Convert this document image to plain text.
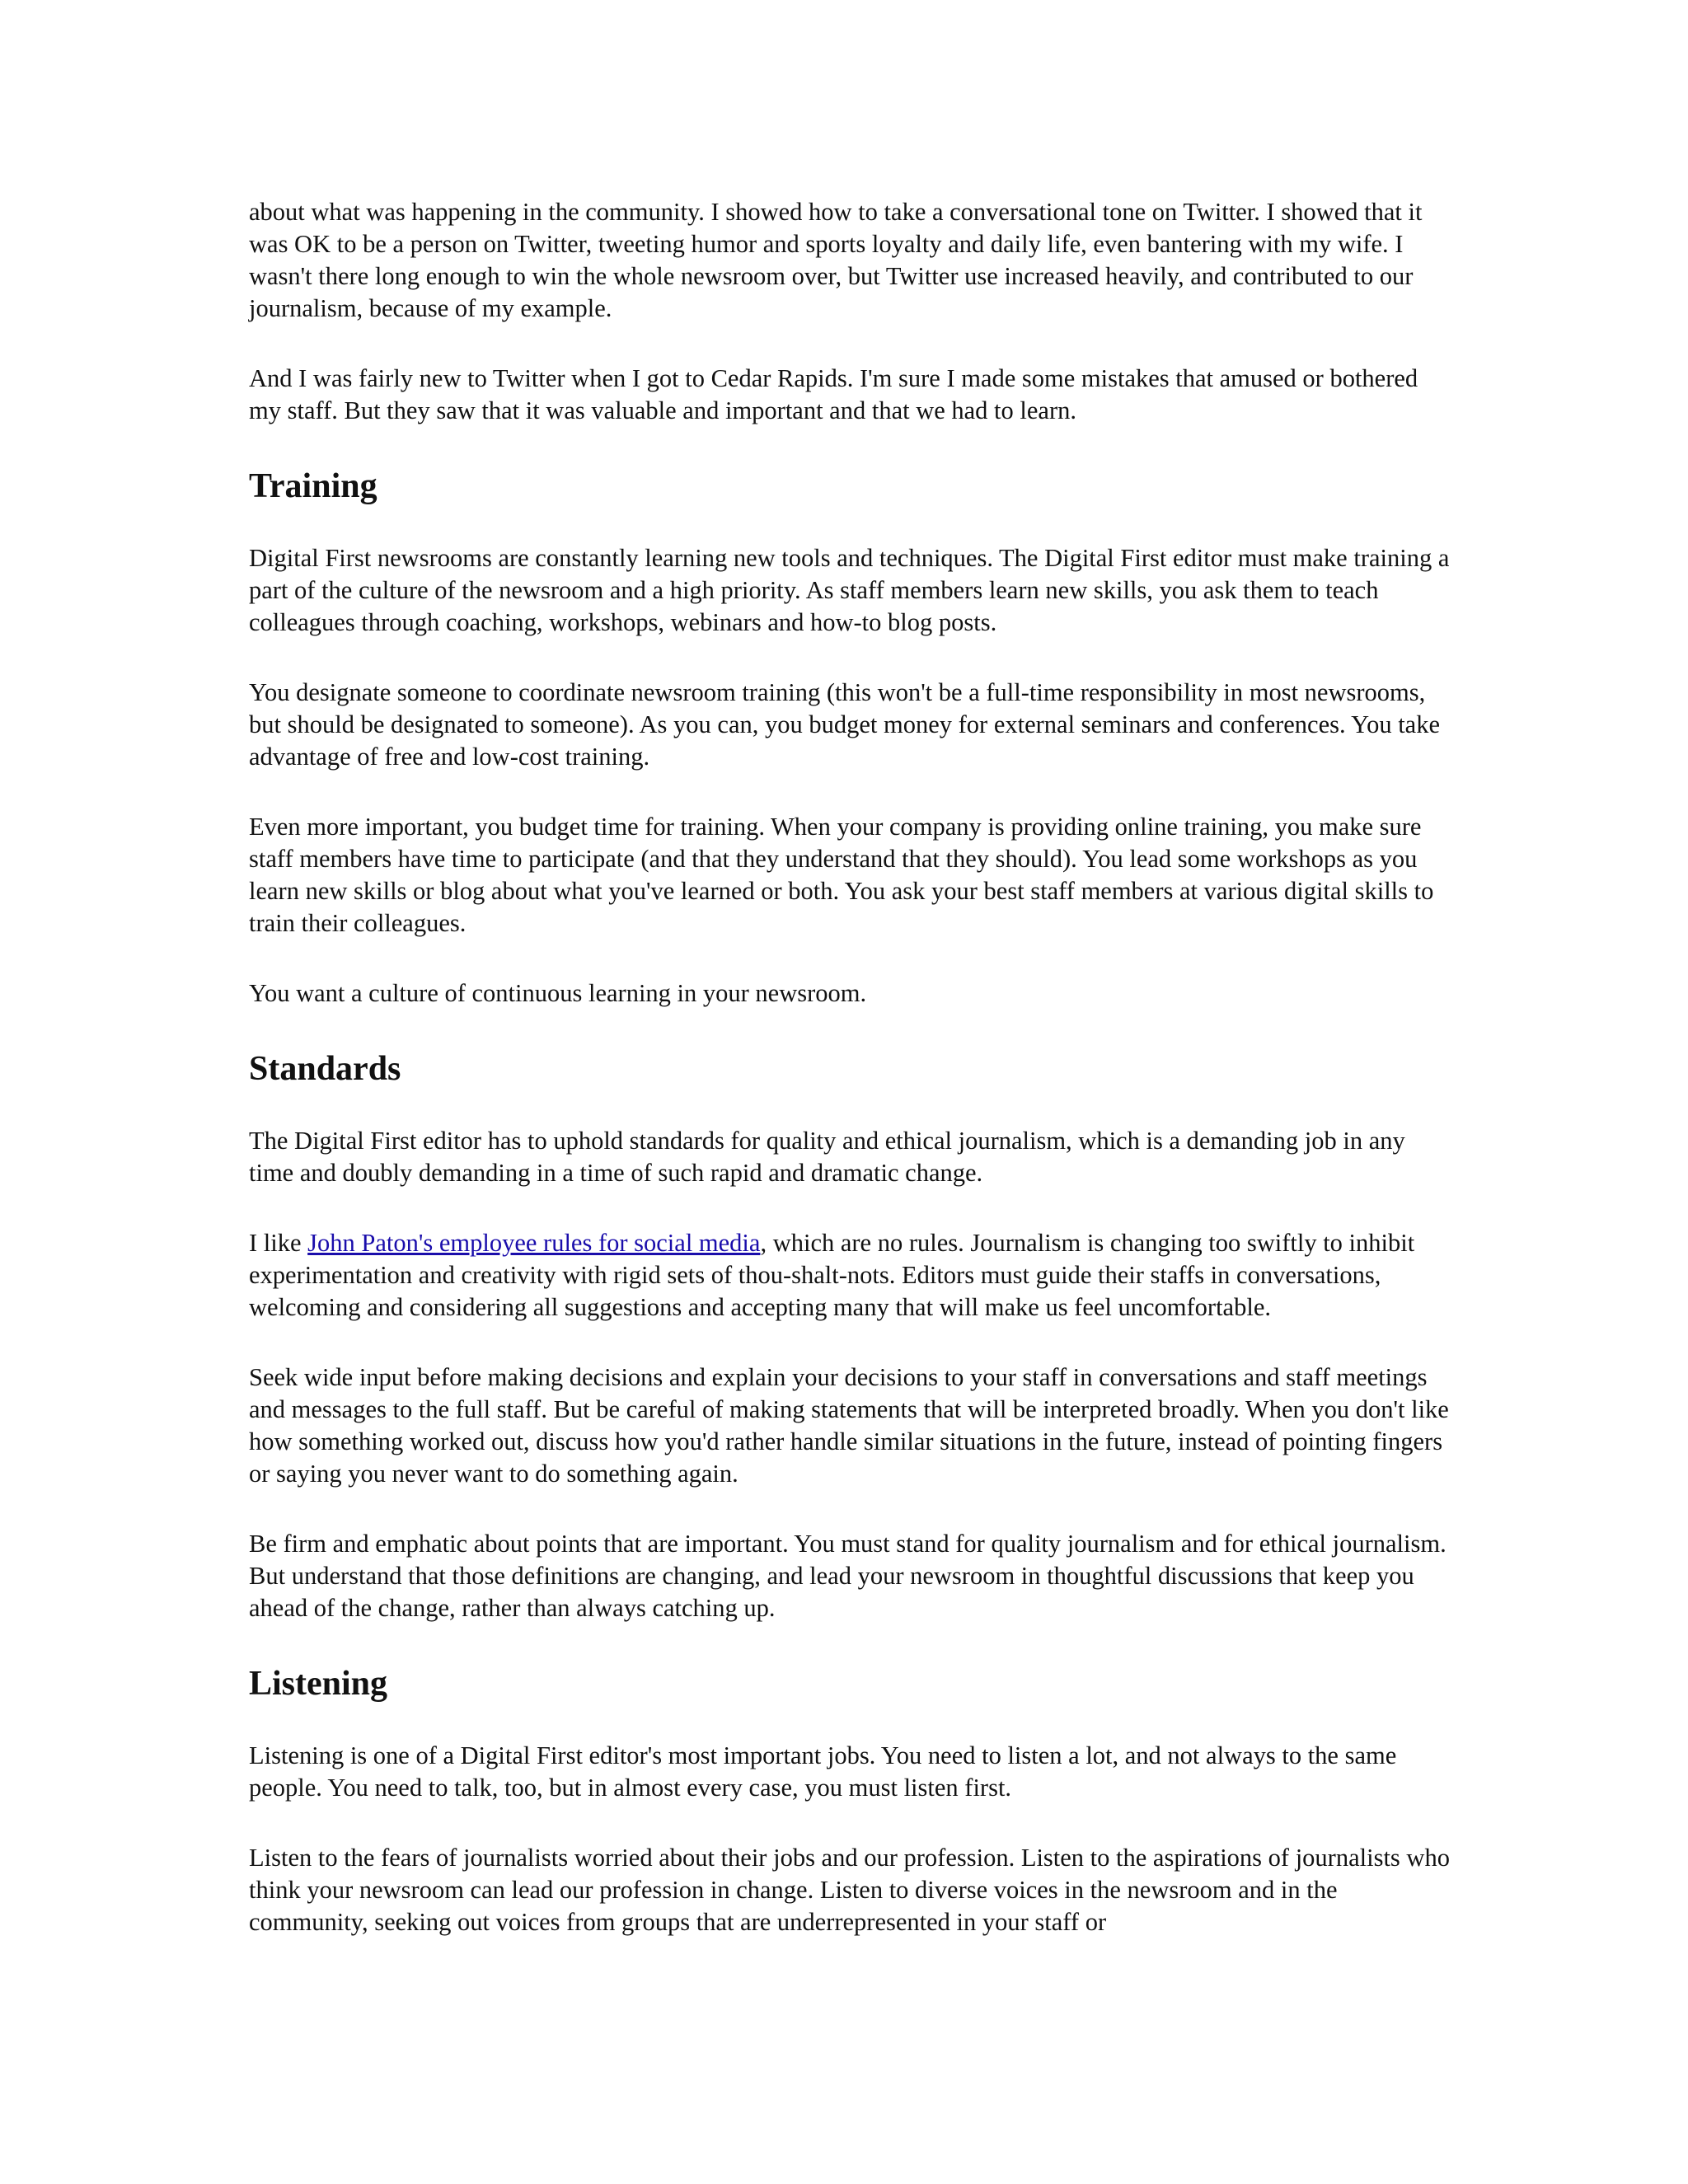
about what was happening in the community. I showed how to take a conversational tone on Twitter. I showed that it was OK to be a person on Twitter, tweeting humor and sports loyalty and daily life, even bantering with my wife. I wasn't there long enough to win the whole newsroom over, but Twitter use increased heavily, and contributed to our journalism, because of my example.

And I was fairly new to Twitter when I got to Cedar Rapids. I'm sure I made some mistakes that amused or bothered my staff. But they saw that it was valuable and important and that we had to learn.

Training

Digital First newsrooms are constantly learning new tools and techniques. The Digital First editor must make training a part of the culture of the newsroom and a high priority. As staff members learn new skills, you ask them to teach colleagues through coaching, workshops, webinars and how-to blog posts.

You designate someone to coordinate newsroom training (this won't be a full-time responsibility in most newsrooms, but should be designated to someone). As you can, you budget money for external seminars and conferences. You take advantage of free and low-cost training.

Even more important, you budget time for training. When your company is providing online training, you make sure staff members have time to participate (and that they understand that they should). You lead some workshops as you learn new skills or blog about what you've learned or both. You ask your best staff members at various digital skills to train their colleagues.

You want a culture of continuous learning in your newsroom.

Standards

The Digital First editor has to uphold standards for quality and ethical journalism, which is a demanding job in any time and doubly demanding in a time of such rapid and dramatic change.

I like John Paton's employee rules for social media, which are no rules. Journalism is changing too swiftly to inhibit experimentation and creativity with rigid sets of thou-shalt-nots. Editors must guide their staffs in conversations, welcoming and considering all suggestions and accepting many that will make us feel uncomfortable.

Seek wide input before making decisions and explain your decisions to your staff in conversations and staff meetings and messages to the full staff. But be careful of making statements that will be interpreted broadly. When you don't like how something worked out, discuss how you'd rather handle similar situations in the future, instead of pointing fingers or saying you never want to do something again.

Be firm and emphatic about points that are important. You must stand for quality journalism and for ethical journalism. But understand that those definitions are changing, and lead your newsroom in thoughtful discussions that keep you ahead of the change, rather than always catching up.

Listening

Listening is one of a Digital First editor's most important jobs. You need to listen a lot, and not always to the same people. You need to talk, too, but in almost every case, you must listen first.

Listen to the fears of journalists worried about their jobs and our profession. Listen to the aspirations of journalists who think your newsroom can lead our profession in change. Listen to diverse voices in the newsroom and in the community, seeking out voices from groups that are underrepresented in your staff or
